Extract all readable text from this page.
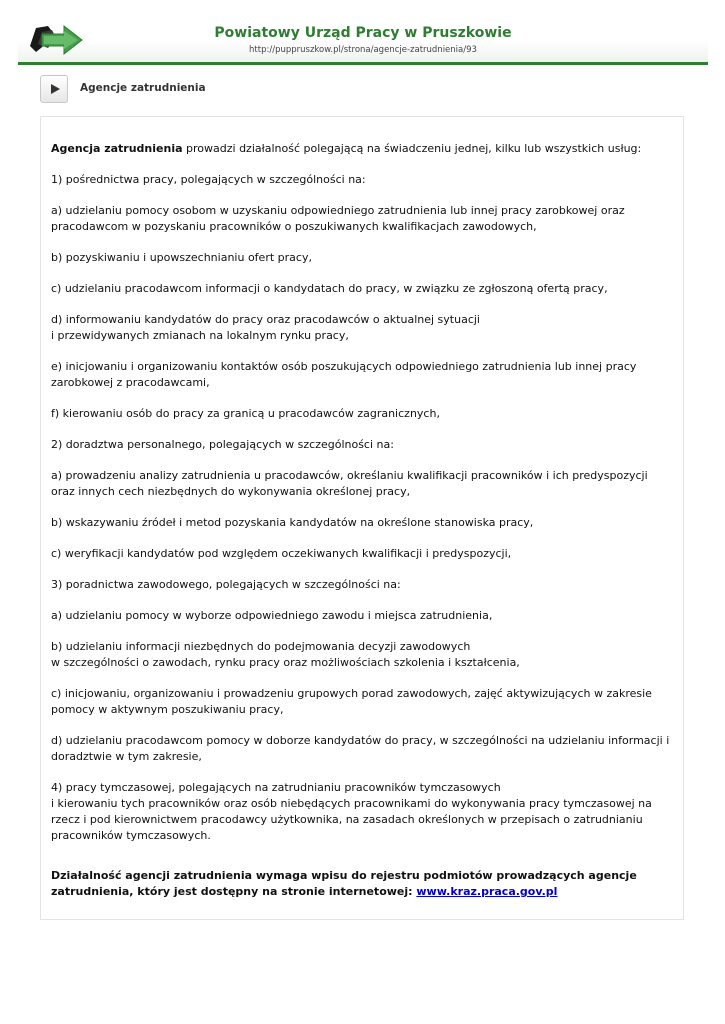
Powiatowy Urząd Pracy w Pruszkowie
http://puppruszkow.pl/strona/agencje-zatrudnienia/93
Agencje zatrudnienia

Agencja zatrudnienia prowadzi działalność polegającą na świadczeniu jednej, kilku lub wszystkich usług:

1) pośrednictwa pracy, polegających w szczególności na:

a) udzielaniu pomocy osobom w uzyskaniu odpowiedniego zatrudnienia lub innej pracy zarobkowej oraz pracodawcom w pozyskaniu pracowników o poszukiwanych kwalifikacjach zawodowych,

b) pozyskiwaniu i upowszechnianiu ofert pracy,

c) udzielaniu pracodawcom informacji o kandydatach do pracy, w związku ze zgłoszoną ofertą pracy,

d) informowaniu kandydatów do pracy oraz pracodawców o aktualnej sytuacji
i przewidywanych zmianach na lokalnym rynku pracy,

e) inicjowaniu i organizowaniu kontaktów osób poszukujących odpowiedniego zatrudnienia lub innej pracy zarobkowej z pracodawcami,

f) kierowaniu osób do pracy za granicą u pracodawców zagranicznych,

2) doradztwa personalnego, polegających w szczególności na:

a) prowadzeniu analizy zatrudnienia u pracodawców, określaniu kwalifikacji pracowników i ich predyspozycji oraz innych cech niezbędnych do wykonywania określonej pracy,

b) wskazywaniu źródeł i metod pozyskania kandydatów na określone stanowiska pracy,

c) weryfikacji kandydatów pod względem oczekiwanych kwalifikacji i predyspozycji,

3) poradnictwa zawodowego, polegających w szczególności na:

a) udzielaniu pomocy w wyborze odpowiedniego zawodu i miejsca zatrudnienia,

b) udzielaniu informacji niezbędnych do podejmowania decyzji zawodowych
w szczególności o zawodach, rynku pracy oraz możliwościach szkolenia i kształcenia,

c) inicjowaniu, organizowaniu i prowadzeniu grupowych porad zawodowych, zajęć aktywizujących w zakresie pomocy w aktywnym poszukiwaniu pracy,

d) udzielaniu pracodawcom pomocy w doborze kandydatów do pracy, w szczególności na udzielaniu informacji i doradztwie w tym zakresie,

4) pracy tymczasowej, polegających na zatrudnianiu pracowników tymczasowych
i kierowaniu tych pracowników oraz osób niebędących pracownikami do wykonywania pracy tymczasowej na rzecz i pod kierownictwem pracodawcy użytkownika, na zasadach określonych w przepisach o zatrudnianiu pracowników tymczasowych.

Działalność agencji zatrudnienia wymaga wpisu do rejestru podmiotów prowadzących agencje zatrudnienia, który jest dostępny na stronie internetowej: www.kraz.praca.gov.pl
